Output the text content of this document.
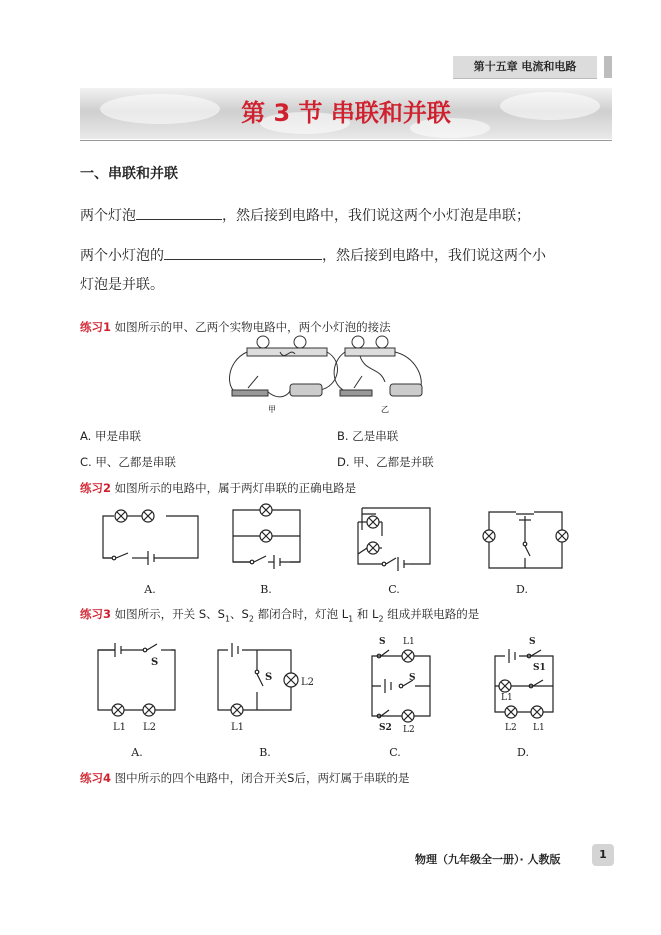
第十五章 电流和电路
第 3 节 串联和并联
一、串联和并联
两个灯泡	，然后接到电路中，我们说这两个小灯泡是串联；
两个小灯泡的	，然后接到电路中，我们说这两个小
灯泡是并联。
练习1 如图所示的甲、乙两个实物电路中，两个小灯泡的接法
甲	乙
A. 甲是串联	B. 乙是串联
C. 甲、乙都是串联	D. 甲、乙都是并联
练习2 如图所示的电路中，属于两灯串联的正确电路是
A.	B.	C.	D.
练习3 如图所示，开关 S、$S_1$、$S_2$ 都闭合时，灯泡 $L_1$ 和 $L_2$ 组成并联电路的是
S
L1 L2
A.
S	L2
L1
B.
S L1
S
S2 L2
C.
S
S1
L1
L2 L1
D.
练习4 图中所示的四个电路中，闭合开关S后，两灯属于串联的是
物理（九年级全一册）· 人教版	1
